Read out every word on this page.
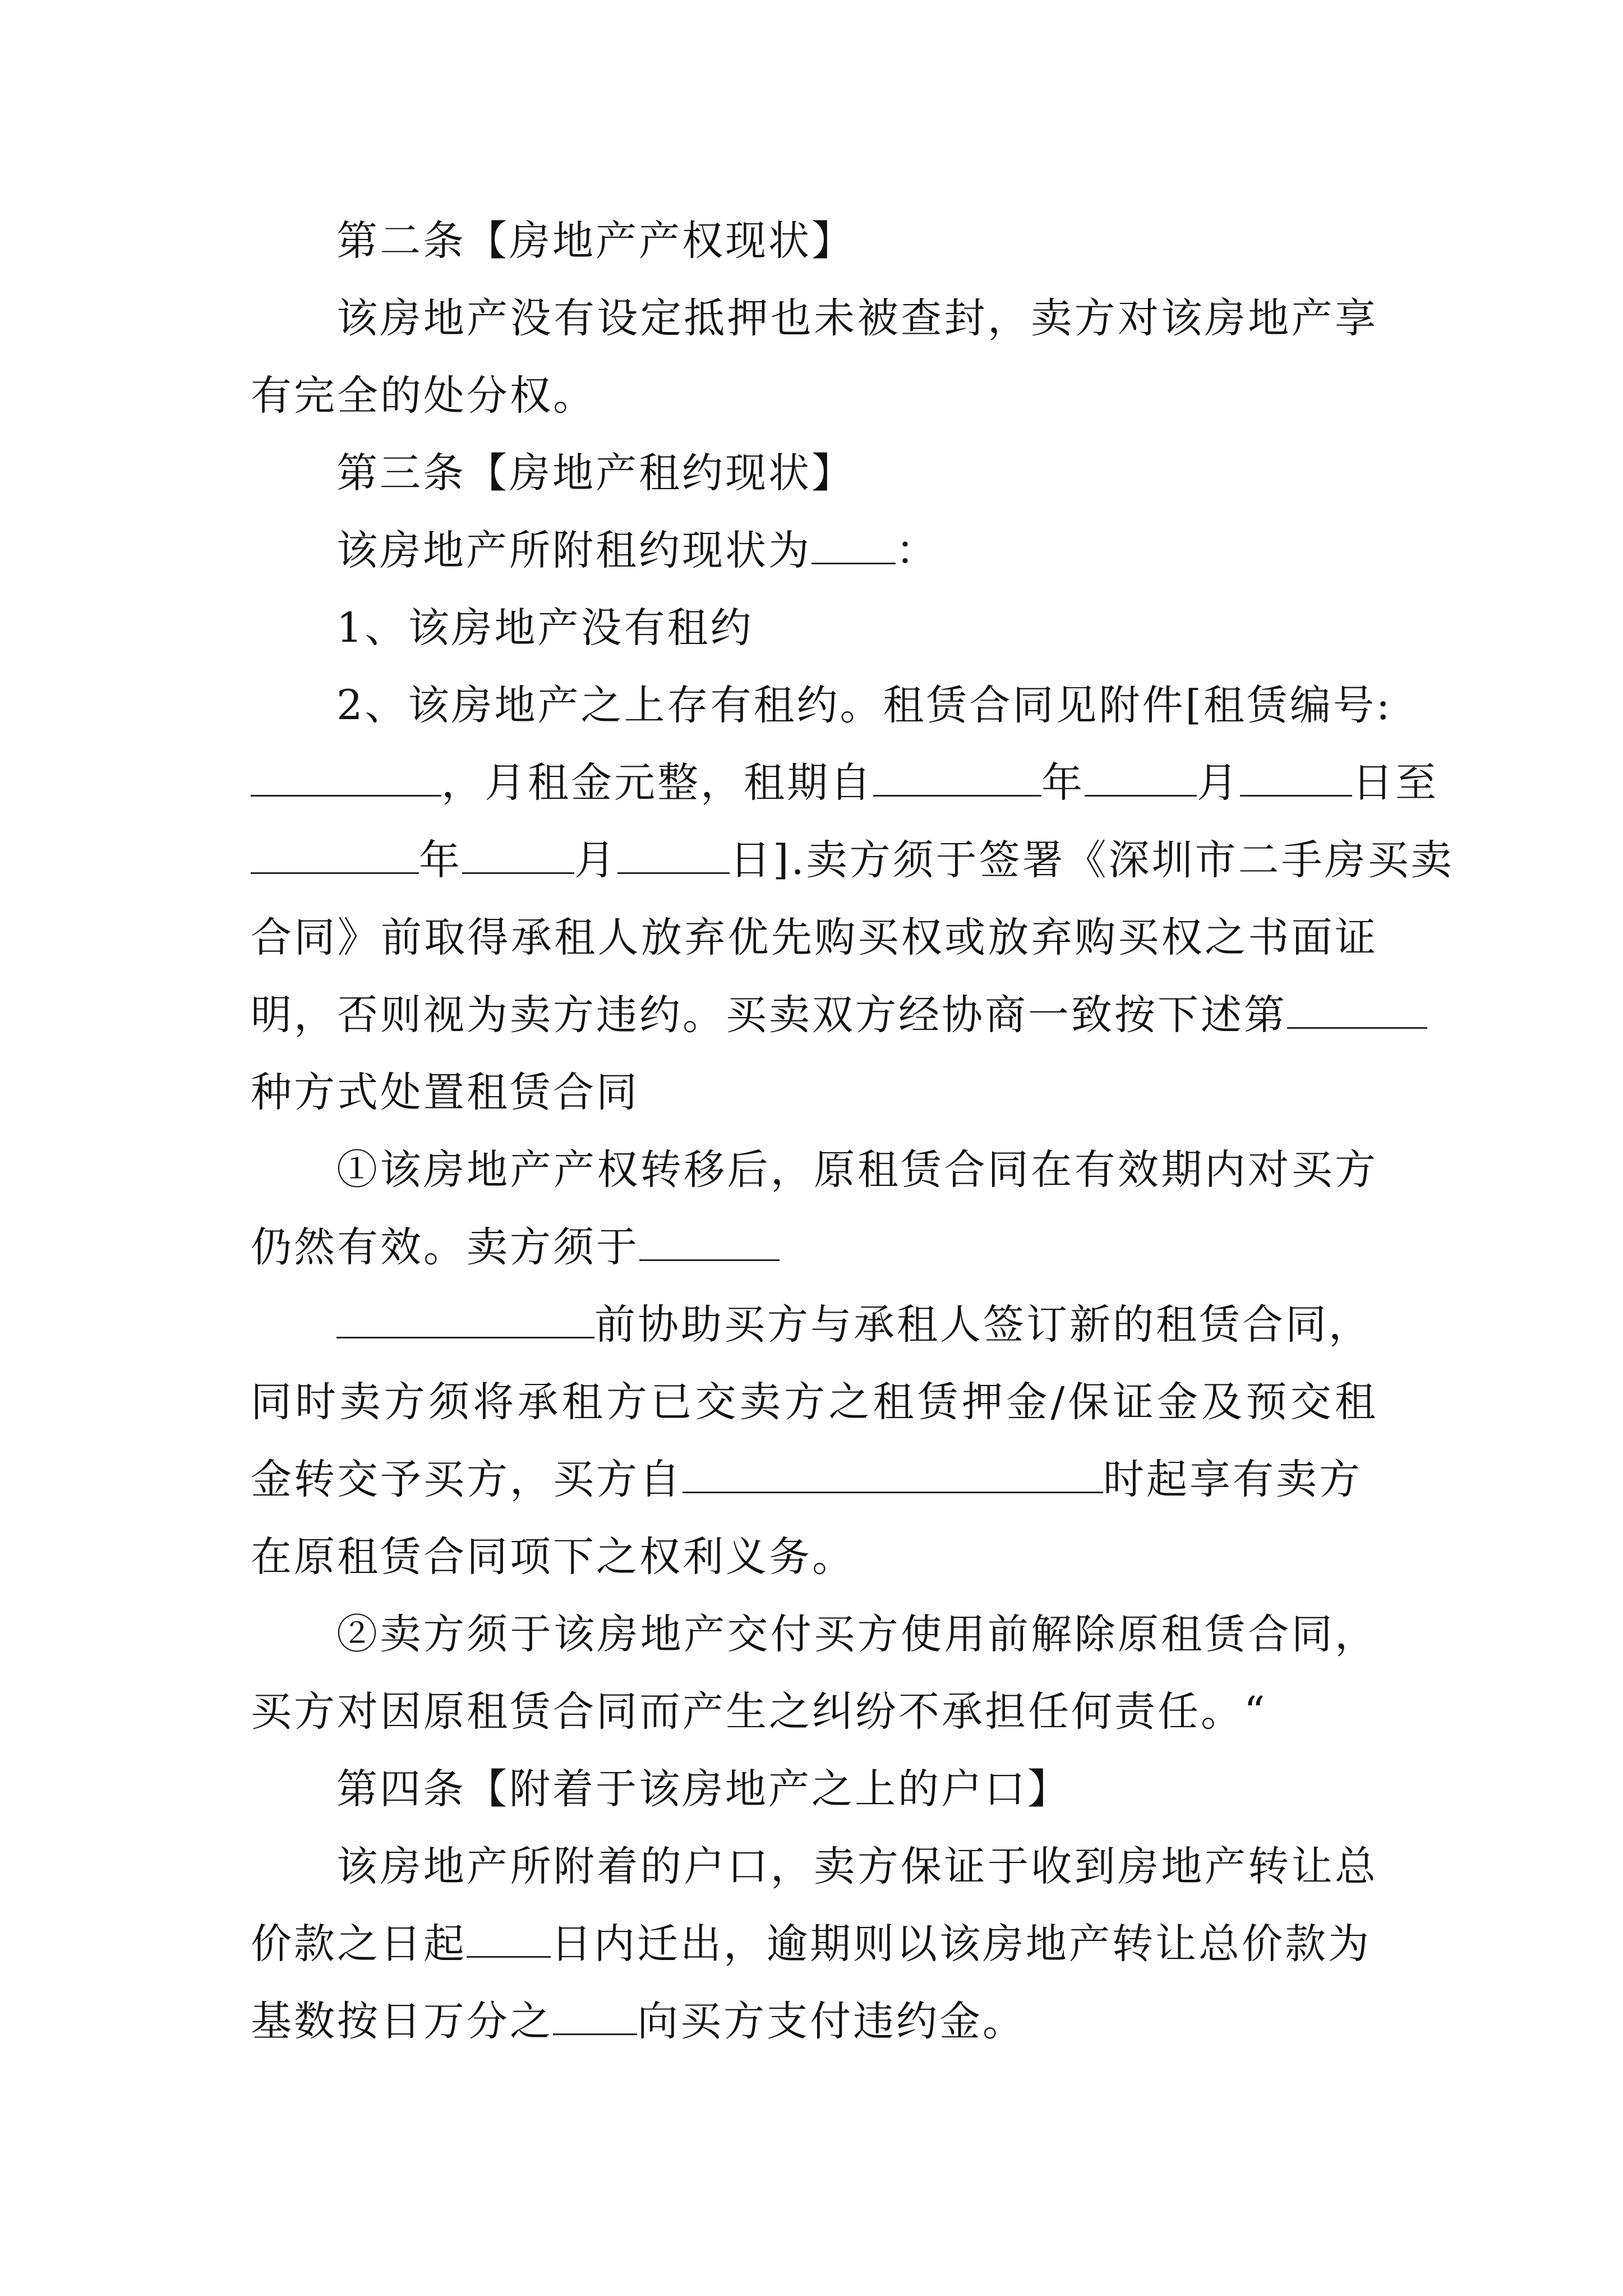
第二条【房地产产权现状】
该房地产没有设定抵押也未被查封，卖方对该房地产享
有完全的处分权。
第三条【房地产租约现状】
该房地产所附租约现状为 ：
1、该房地产没有租约
2、该房地产之上存有租约。租赁合同见附件[租赁编号:
，月租金元整，租期自	年	月	日至
年	月	日].卖方须于签署《深圳市二手房买卖
合同》前取得承租人放弃优先购买权或放弃购买权之书面证
明，否则视为卖方违约。买卖双方经协商一致按下述第
种方式处置租赁合同
①该房地产产权转移后，原租赁合同在有效期内对买方
仍然有效。卖方须于
前协助买方与承租人签订新的租赁合同，
同时卖方须将承租方已交卖方之租赁押金/保证金及预交租
金转交予买方，买方自	时起享有卖方
在原租赁合同项下之权利义务。
②卖方须于该房地产交付买方使用前解除原租赁合同，
买方对因原租赁合同而产生之纠纷不承担任何责任。“
第四条【附着于该房地产之上的户口】
该房地产所附着的户口，卖方保证于收到房地产转让总
价款之日起 日内迁出，逾期则以该房地产转让总价款为
基数按日万分之 向买方支付违约金。
